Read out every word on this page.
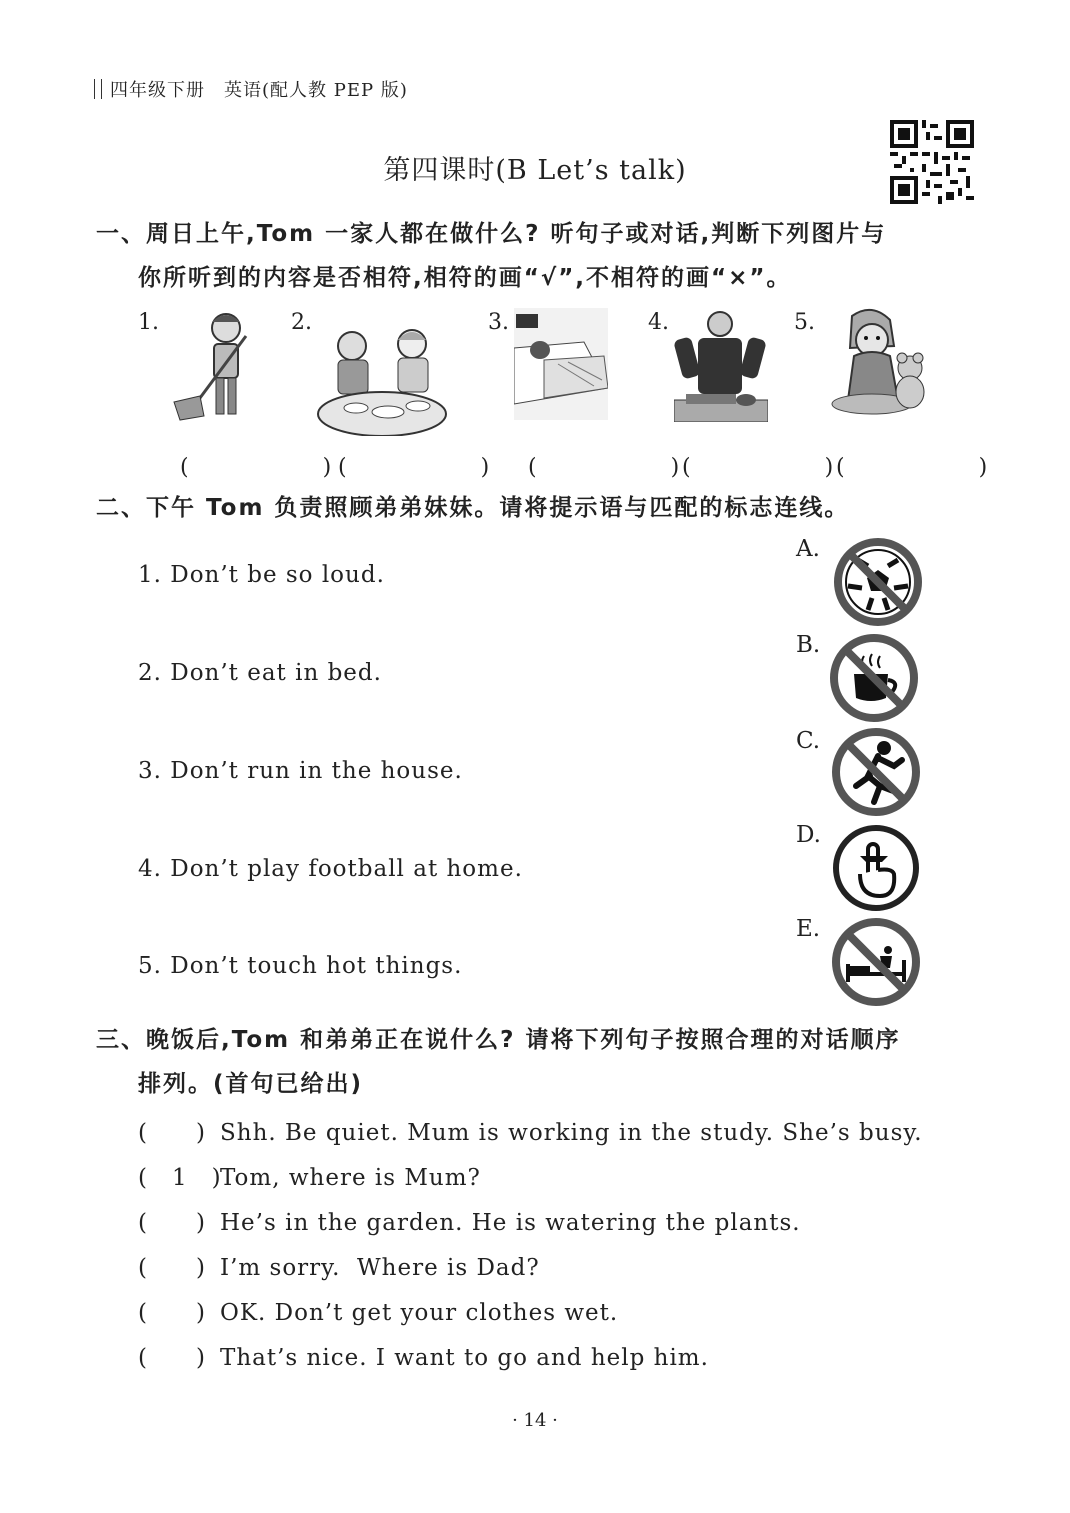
四年级下册　英语(配人教 PEP 版)
第四课时(B Let’s talk)
一、周日上午,Tom 一家人都在做什么? 听句子或对话,判断下列图片与
你所听到的内容是否相符,相符的画“√”,不相符的画“×”。
1.	2.	3.	4.	5.
(　　)
(　　) (　　)
(　　)
(　　)
二、下午 Tom 负责照顾弟弟妹妹。请将提示语与匹配的标志连线。
1. Don’t be so loud.
2. Don’t eat in bed.
3. Don’t run in the house.
4. Don’t play football at home.
5. Don’t touch hot things.
A.
B.
C.
D.
E.
三、晚饭后,Tom 和弟弟正在说什么? 请将下列句子按照合理的对话顺序
排列。(首句已给出)
(　　) Shh. Be quiet. Mum is working in the study. She’s busy.
(　1　)Tom, where is Mum?
(　　) He’s in the garden. He is watering the plants.
(　　) I’m sorry.  Where is Dad?
(　　) OK. Don’t get your clothes wet.
(　　) That’s nice. I want to go and help him.
· 14 ·
